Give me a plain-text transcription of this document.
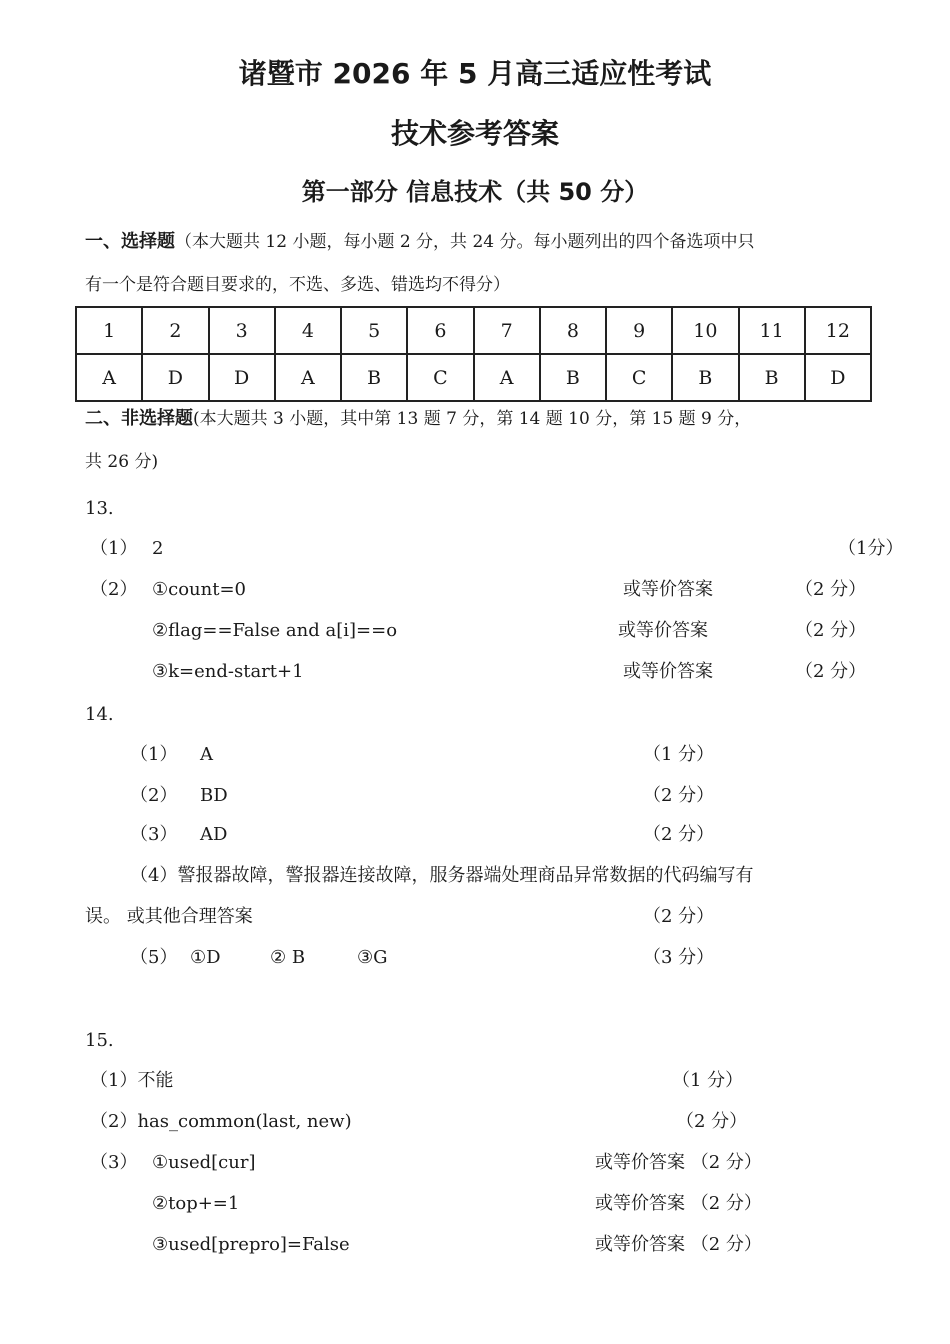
诸暨市 2026 年 5 月高三适应性考试
技术参考答案
第一部分 信息技术（共 50 分）
一、选择题（本大题共 12 小题，每小题 2 分，共 24 分。每小题列出的四个备选项中只
有一个是符合题目要求的，不选、多选、错选均不得分）
1	2	3	4	5	6	7	8	9	10	11	12
A	D	D	A	B	C	A	B	C	B	B	D
二、非选择题(本大题共 3 小题，其中第 13 题 7 分，第 14 题 10 分，第 15 题 9 分，
共 26 分)
13.
（1） 2	（1分）
（2） ①count=0	或等价答案	（2 分）
②flag==False and a[i]==o	或等价答案	（2 分）
③k=end-start+1	或等价答案	（2 分）
14.
（1） A	（1 分）
（2） BD	（2 分）
（3） AD	（2 分）
（4）警报器故障，警报器连接故障，服务器端处理商品异常数据的代码编写有
误。 或其他合理答案	（2 分）
（5） ①D	② B	③G	（3 分）
15.
（1）不能	（1 分）
（2）has_common(last, new)	（2 分）
（3） ①used[cur]	或等价答案 （2 分）
②top+=1	或等价答案 （2 分）
③used[prepro]=False	或等价答案 （2 分）
